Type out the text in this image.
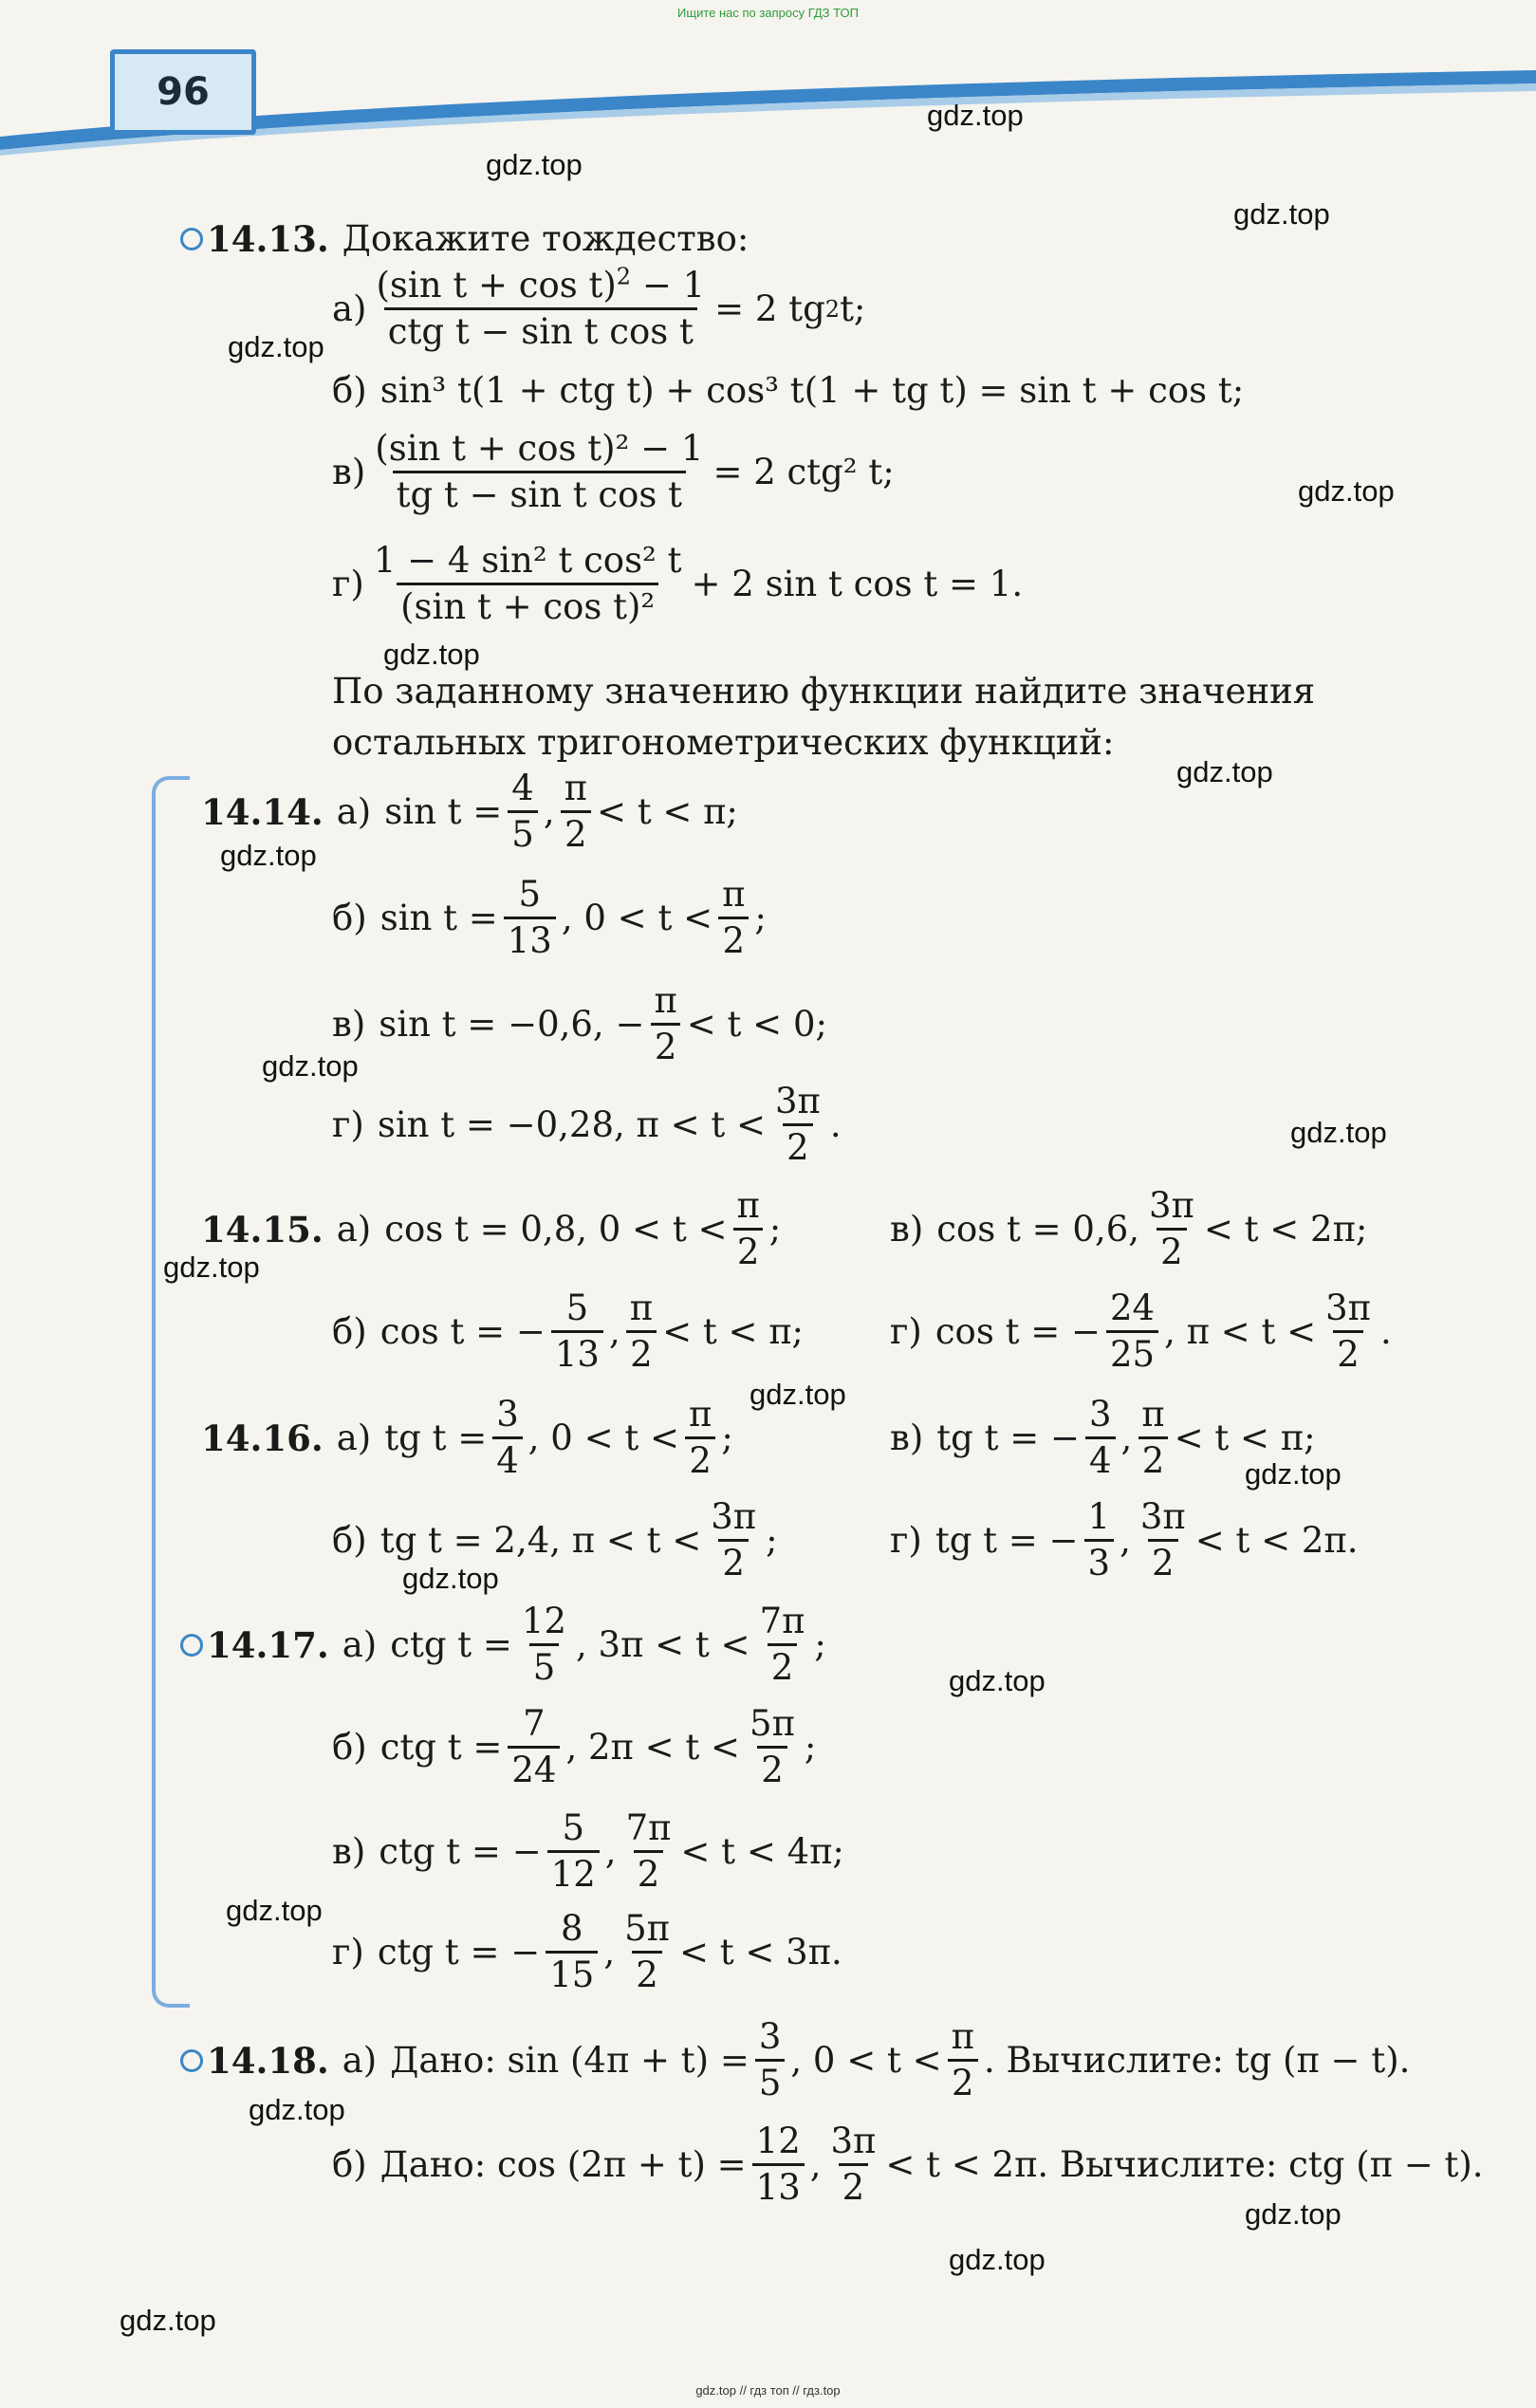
Ищите нас по запросу ГДЗ ТОП
96
gdz.top
gdz.top
gdz.top
gdz.top
gdz.top
gdz.top
gdz.top
gdz.top
gdz.top
gdz.top
gdz.top
gdz.top
gdz.top
gdz.top
gdz.top
gdz.top
gdz.top
gdz.top
gdz.top
gdz.top
14.13. Докажите тождество:
$а) \frac{(\sin t + \cos t)^2 - 1}{\text{ctg t − sin t cos t}} = 2$ tg 2 t;
б) sin³ t(1 + ctg t) + cos³ t(1 + tg t) = sin t + cos t;
$в) \frac{\text{(sin t + cos t)² − 1}}{\text{tg t − sin t cos t}} = 2$ ctg² t;
$г) \frac{\text{1 − 4 sin² t cos² t}}{\text{(sin t + cos t)²}} + 2$ sin t cos t = 1.
По заданному значению функции найдите значения остальных тригонометрических функций:
14.14. а) $\sin t = \frac{4}{5}$ , $\frac{\pi}{2} < t < \pi$;
б) $\sin t = \frac{5}{13}$ , $0 < t < \frac{\pi}{2}$ ;
в) sin t = −0,6, − $\frac{\pi}{2} < t < 0$;
г) sin t = −0,28, $\pi < t < \frac{3\pi}{2}$ .
14.15. а) cos t = 0,8, $0 < t < \frac{\pi}{2}$ ;	в) cos t = 0,6, $\frac{3\pi}{2} < t < 2\pi$;
б) cos t = − $\frac{5}{13}$ , $\frac{\pi}{2} < t < \pi$; г) cos t = − $\frac{24}{25}$ , $\pi < t < \frac{3\pi}{2}$ .
14.16. а) tg $t = \frac{3}{4}$ , $0 < t < \frac{\pi}{2}$ ;	в) tg t = − $\frac{3}{4}$ , $\frac{\pi}{2} < t < \pi$;
б) tg t = 2,4, $\pi < t < \frac{3\pi}{2}$ ;	г) tg t = − $\frac{1}{3}$ , $\frac{3\pi}{2} < t < 2\pi$.
14.17. а) ctg $t = \frac{12}{5}$ , $3\pi < t < \frac{7\pi}{2}$ ;
б) ctg $t = \frac{7}{24}$ , $2\pi < t < \frac{5\pi}{2}$ ;
в) ctg t = − $\frac{5}{12}$ , $\frac{7\pi}{2} < t < 4\pi$;
г) ctg t = − $\frac{8}{15}$ , $\frac{5\pi}{2} < t < 3\pi$.
14.18. а) Дано: $\sin (4\pi + t) = \frac{3}{5}$ , $0 < t < \frac{\pi}{2}$ . Вычислите: tg (π − t).
б) Дано: $\cos (2\pi + t) = \frac{12}{13}$ , $\frac{3\pi}{2} < t < 2\pi$. Вычислите: ctg (π − t).
gdz.top // гдз топ // гдз.top
